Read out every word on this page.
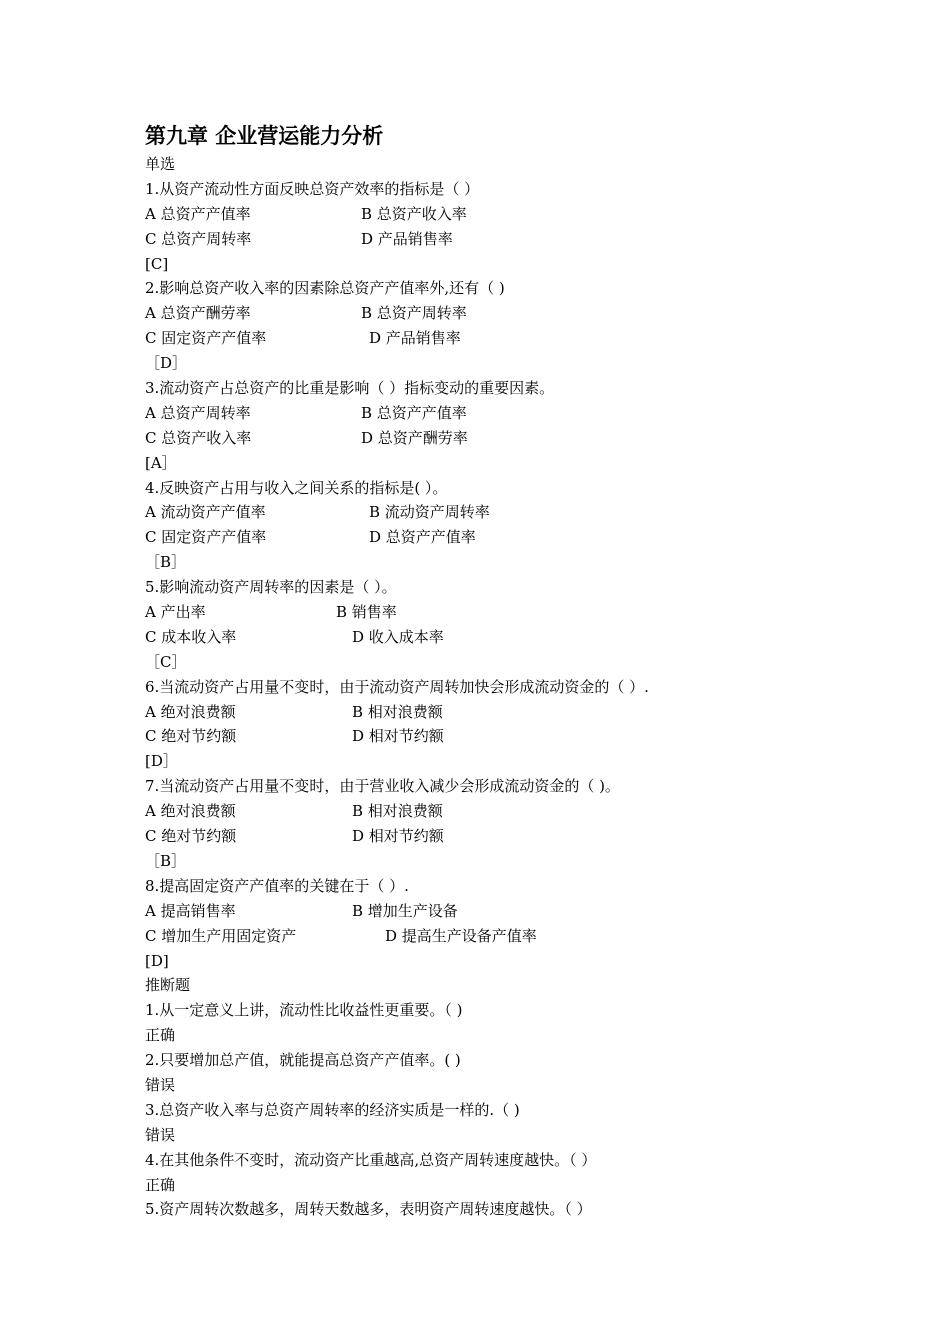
第九章 企业营运能力分析
单选
1.从资产流动性方面反映总资产效率的指标是（ ）
A 总资产产值率	B 总资产收入率
C 总资产周转率	D 产品销售率
[C]
2.影响总资产收入率的因素除总资产产值率外,还有（ )
A 总资产酬劳率	B 总资产周转率
C 固定资产产值率	D 产品销售率
［D］
3.流动资产占总资产的比重是影响（ ）指标变动的重要因素。
A 总资产周转率	B 总资产产值率
C 总资产收入率	D 总资产酬劳率
[A］
4.反映资产占用与收入之间关系的指标是( ）。
A 流动资产产值率	B 流动资产周转率
C 固定资产产值率	D 总资产产值率
［B］
5.影响流动资产周转率的因素是（ ）。
A 产出率	B 销售率
C 成本收入率	D 收入成本率
［C］
6.当流动资产占用量不变时，由于流动资产周转加快会形成流动资金的（ ）.
A 绝对浪费额	B 相对浪费额
C 绝对节约额	D 相对节约额
[D］
7.当流动资产占用量不变时，由于营业收入减少会形成流动资金的（ )。
A 绝对浪费额	B 相对浪费额
C 绝对节约额	D 相对节约额
［B］
8.提高固定资产产值率的关键在于（ ）.
A 提高销售率	B 增加生产设备
C 增加生产用固定资产	D 提高生产设备产值率
[D]
推断题
1.从一定意义上讲，流动性比收益性更重要。（ )
正确
2.只要增加总产值，就能提高总资产产值率。( )
错误
3.总资产收入率与总资产周转率的经济实质是一样的.（ )
错误
4.在其他条件不变时，流动资产比重越高,总资产周转速度越快。（ ）
正确
5.资产周转次数越多，周转天数越多，表明资产周转速度越快。（ ）
